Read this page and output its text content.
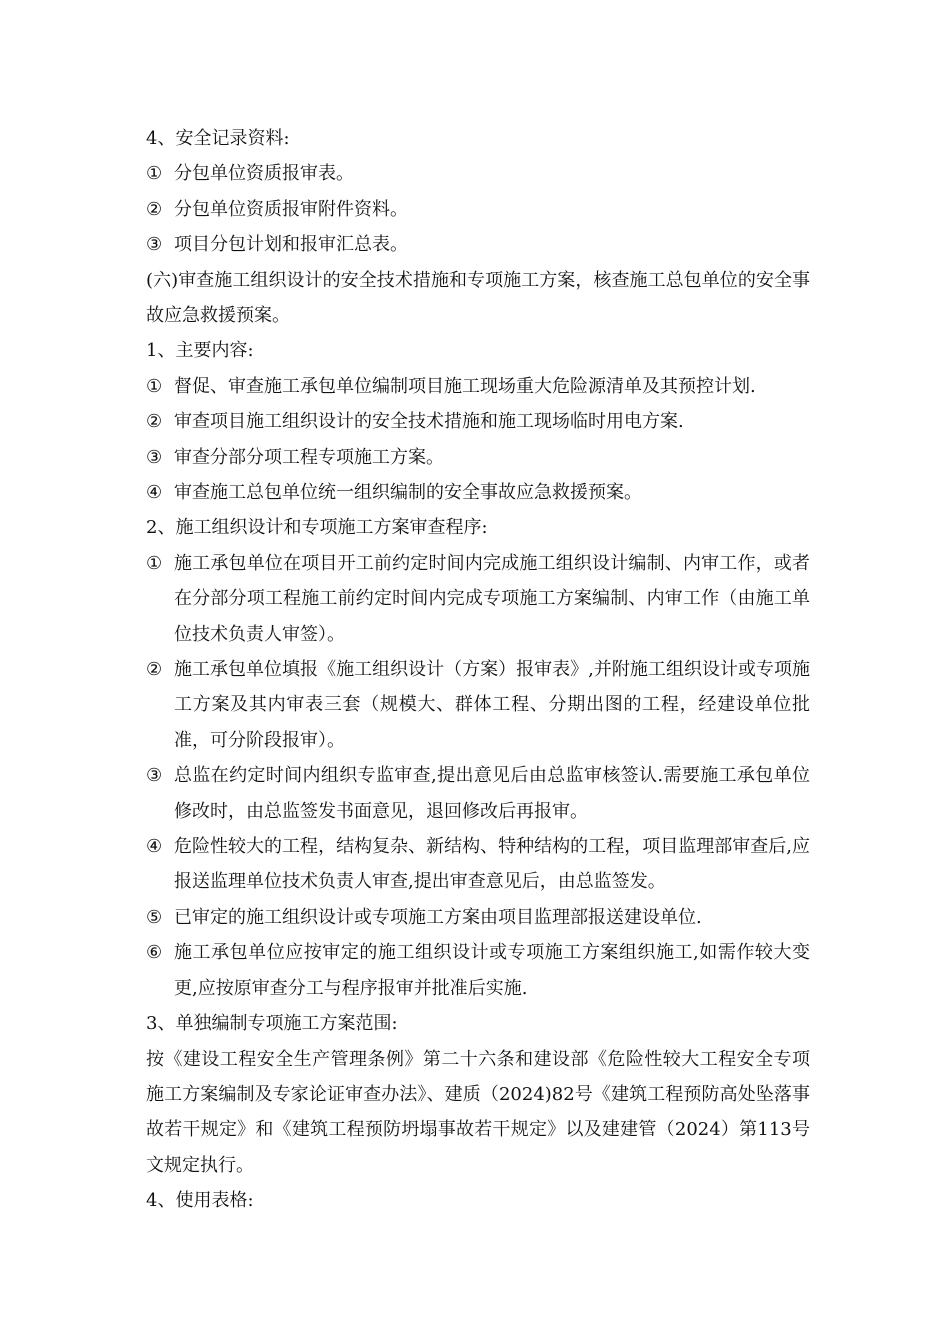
4、安全记录资料:
① 分包单位资质报审表。
② 分包单位资质报审附件资料。
③ 项目分包计划和报审汇总表。
(六)审查施工组织设计的安全技术措施和专项施工方案，核查施工总包单位的安全事故应急救援预案。
1、主要内容:
① 督促、审查施工承包单位编制项目施工现场重大危险源清单及其预控计划.
② 审查项目施工组织设计的安全技术措施和施工现场临时用电方案.
③ 审查分部分项工程专项施工方案。
④ 审查施工总包单位统一组织编制的安全事故应急救援预案。
2、施工组织设计和专项施工方案审查程序:
① 施工承包单位在项目开工前约定时间内完成施工组织设计编制、内审工作，或者在分部分项工程施工前约定时间内完成专项施工方案编制、内审工作（由施工单位技术负责人审签）。
② 施工承包单位填报《施工组织设计（方案）报审表》,并附施工组织设计或专项施工方案及其内审表三套（规模大、群体工程、分期出图的工程，经建设单位批准，可分阶段报审）。
③ 总监在约定时间内组织专监审查,提出意见后由总监审核签认.需要施工承包单位修改时，由总监签发书面意见，退回修改后再报审。
④ 危险性较大的工程，结构复杂、新结构、特种结构的工程，项目监理部审查后,应报送监理单位技术负责人审查,提出审查意见后，由总监签发。
⑤ 已审定的施工组织设计或专项施工方案由项目监理部报送建设单位.
⑥ 施工承包单位应按审定的施工组织设计或专项施工方案组织施工,如需作较大变更,应按原审查分工与程序报审并批准后实施.
3、单独编制专项施工方案范围:
按《建设工程安全生产管理条例》第二十六条和建设部《危险性较大工程安全专项施工方案编制及专家论证审查办法》、建质（2024)82号《建筑工程预防高处坠落事故若干规定》和《建筑工程预防坍塌事故若干规定》以及建建管（2024）第113号文规定执行。
4、使用表格:
